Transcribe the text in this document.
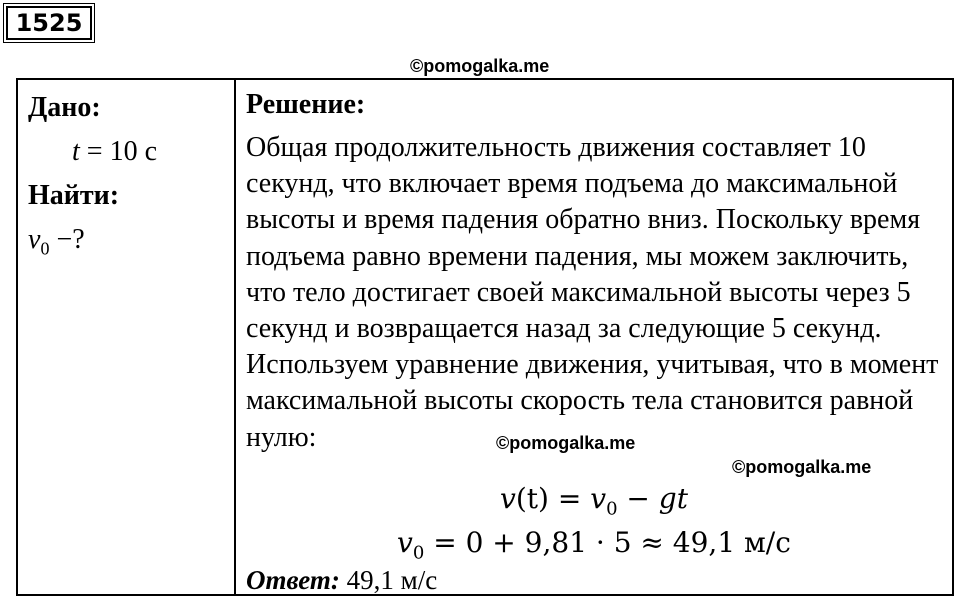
1525
©pomogalka.me
Дано:
t = 10 с
Найти:
$v_0$ −?
Решение:

Общая продолжительность движения составляет 10 секунд, что включает время подъема до максимальной высоты и время падения обратно вниз. Поскольку время подъема равно времени падения, мы можем заключить, что тело достигает своей максимальной высоты через 5 секунд и возвращается назад за следующие 5 секунд. Используем уравнение движения, учитывая, что в момент максимальной высоты скорость тела становится равной нулю:

$v(t) = v_0$ − gt
$v_0 = 0 + 9,81 \cdot 5 \approx 49,1$ м/с
Ответ: 49,1 м/с
©pomogalka.me
©pomogalka.me
